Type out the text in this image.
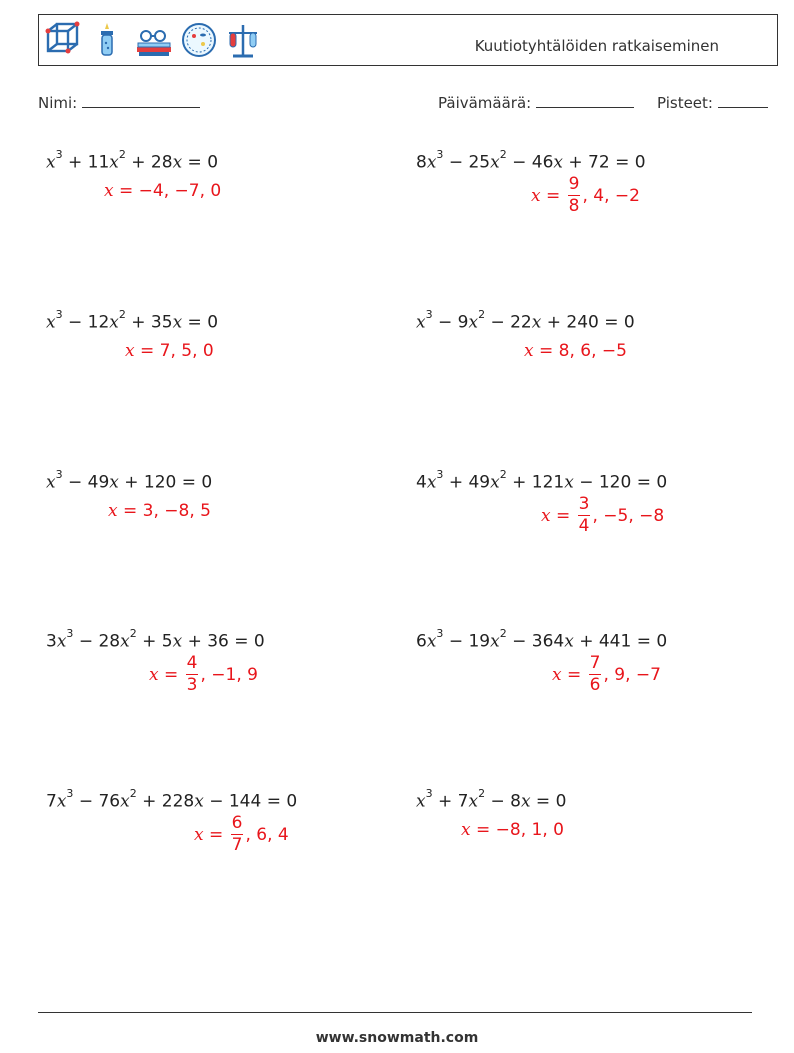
Kuutiotyhtälöiden ratkaiseminen
Nimi:	Päivämäärä:	Pisteet:
$x^3 + 11x^2 + 28x = 0$
x = −4, −7, 0
$x^3 - 12x^2 + 35x = 0$
x = 7, 5, 0
$x^3 - 49x + 120 = 0$
x = 3, −8, 5
$3x^3 - 28x^2 + 5x + 36 = 0$
$x = \frac{4}{3}$ , −1, 9
$7x^3 - 76x^2 + 228x - 144 = 0$
$x = \frac{6}{7}$ , 6, 4
$8x^3 - 25x^2 - 46x + 72 = 0$
$x = \frac{9}{8}$ , 4, −2
$x^3 - 9x^2 - 22x + 240 = 0$
x = 8, 6, −5
$4x^3 + 49x^2 + 121x - 120 = 0$
$x = \frac{3}{4}$ , −5, −8
$6x^3 - 19x^2 - 364x + 441 = 0$
$x = \frac{7}{6}$ , 9, −7
$x^3 + 7x^2 - 8x = 0$
x = −8, 1, 0
www.snowmath.com
